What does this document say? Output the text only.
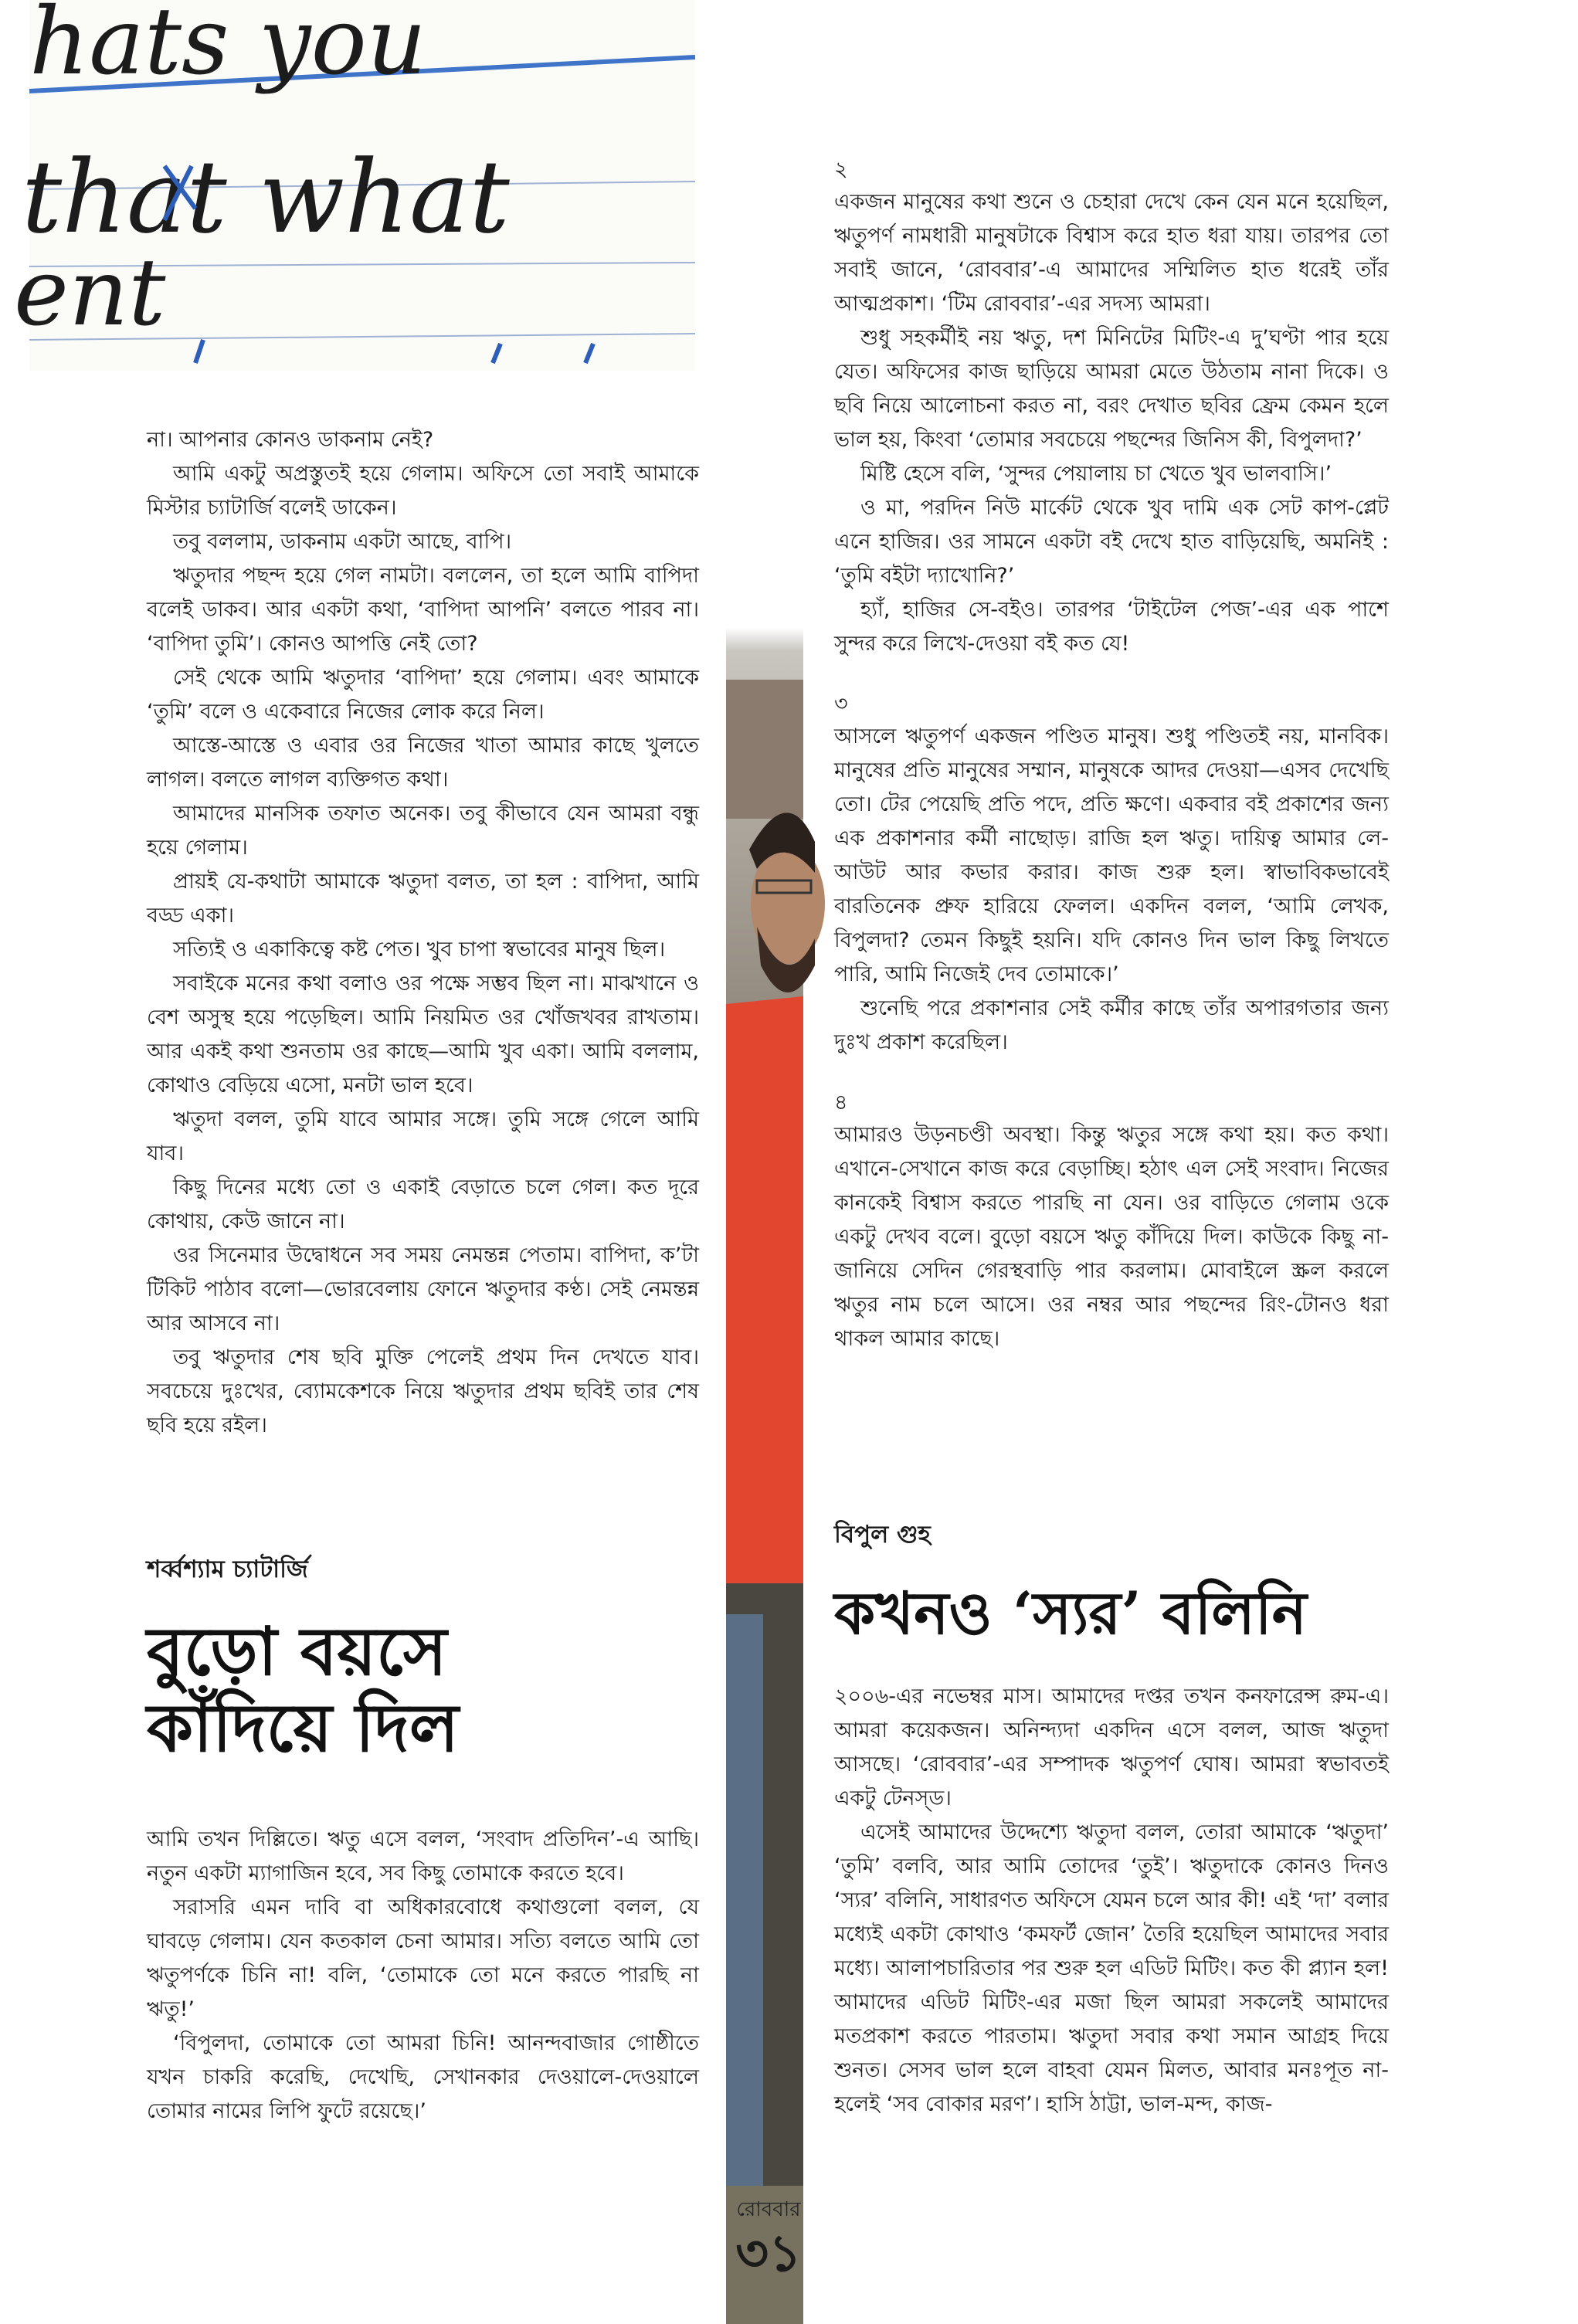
hats you
that what
ent

না। আপনার কোনও ডাকনাম নেই?

আমি একটু অপ্রস্তুতই হয়ে গেলাম। অফিসে তো সবাই আমাকে মিস্টার চ্যাটার্জি বলেই ডাকেন।

তবু বললাম, ডাকনাম একটা আছে, বাপি।

ঋতুদার পছন্দ হয়ে গেল নামটা। বললেন, তা হলে আমি বাপিদা বলেই ডাকব। আর একটা কথা, ‘বাপিদা আপনি’ বলতে পারব না। ‘বাপিদা তুমি’। কোনও আপত্তি নেই তো?

সেই থেকে আমি ঋতুদার ‘বাপিদা’ হয়ে গেলাম। এবং আমাকে ‘তুমি’ বলে ও একেবারে নিজের লোক করে নিল।

আস্তে-আস্তে ও এবার ওর নিজের খাতা আমার কাছে খুলতে লাগল। বলতে লাগল ব্যক্তিগত কথা।

আমাদের মানসিক তফাত অনেক। তবু কীভাবে যেন আমরা বন্ধু হয়ে গেলাম।

প্রায়ই যে-কথাটা আমাকে ঋতুদা বলত, তা হল : বাপিদা, আমি বড্ড একা।

সত্যিই ও একাকিত্বে কষ্ট পেত। খুব চাপা স্বভাবের মানুষ ছিল।

সবাইকে মনের কথা বলাও ওর পক্ষে সম্ভব ছিল না। মাঝখানে ও বেশ অসুস্থ হয়ে পড়েছিল। আমি নিয়মিত ওর খোঁজখবর রাখতাম। আর একই কথা শুনতাম ওর কাছে—আমি খুব একা। আমি বললাম, কোথাও বেড়িয়ে এসো, মনটা ভাল হবে।

ঋতুদা বলল, তুমি যাবে আমার সঙ্গে। তুমি সঙ্গে গেলে আমি যাব।

কিছু দিনের মধ্যে তো ও একাই বেড়াতে চলে গেল। কত দূরে কোথায়, কেউ জানে না।

ওর সিনেমার উদ্বোধনে সব সময় নেমন্তন্ন পেতাম। বাপিদা, ক’টা টিকিট পাঠাব বলো—ভোরবেলায় ফোনে ঋতুদার কণ্ঠ। সেই নেমন্তন্ন আর আসবে না।

তবু ঋতুদার শেষ ছবি মুক্তি পেলেই প্রথম দিন দেখতে যাব। সবচেয়ে দুঃখের, ব্যোমকেশকে নিয়ে ঋতুদার প্রথম ছবিই তার শেষ ছবি হয়ে রইল।

শর্ব্বশ্যাম চ্যাটার্জি
বুড়ো বয়সে
কাঁদিয়ে দিল

আমি তখন দিল্লিতে। ঋতু এসে বলল, ‘সংবাদ প্রতিদিন’-এ আছি। নতুন একটা ম্যাগাজিন হবে, সব কিছু তোমাকে করতে হবে।

সরাসরি এমন দাবি বা অধিকারবোধে কথাগুলো বলল, যে ঘাবড়ে গেলাম। যেন কতকাল চেনা আমার। সত্যি বলতে আমি তো ঋতুপর্ণকে চিনি না! বলি, ‘তোমাকে তো মনে করতে পারছি না ঋতু!’

‘বিপুলদা, তোমাকে তো আমরা চিনি! আনন্দবাজার গোষ্ঠীতে যখন চাকরি করেছি, দেখেছি, সেখানকার দেওয়ালে-দেওয়ালে তোমার নামের লিপি ফুটে রয়েছে।’

২

একজন মানুষের কথা শুনে ও চেহারা দেখে কেন যেন মনে হয়েছিল, ঋতুপর্ণ নামধারী মানুষটাকে বিশ্বাস করে হাত ধরা যায়। তারপর তো সবাই জানে, ‘রোববার’-এ আমাদের সম্মিলিত হাত ধরেই তাঁর আত্মপ্রকাশ। ‘টিম রোববার’-এর সদস্য আমরা।

শুধু সহকর্মীই নয় ঋতু, দশ মিনিটের মিটিং-এ দু’ঘণ্টা পার হয়ে যেত। অফিসের কাজ ছাড়িয়ে আমরা মেতে উঠতাম নানা দিকে। ও ছবি নিয়ে আলোচনা করত না, বরং দেখাত ছবির ফ্রেম কেমন হলে ভাল হয়, কিংবা ‘তোমার সবচেয়ে পছন্দের জিনিস কী, বিপুলদা?’

মিষ্টি হেসে বলি, ‘সুন্দর পেয়ালায় চা খেতে খুব ভালবাসি।’

ও মা, পরদিন নিউ মার্কেট থেকে খুব দামি এক সেট কাপ-প্লেট এনে হাজির। ওর সামনে একটা বই দেখে হাত বাড়িয়েছি, অমনিই : ‘তুমি বইটা দ্যাখোনি?’

হ্যাঁ, হাজির সে-বইও। তারপর ‘টাইটেল পেজ’-এর এক পাশে সুন্দর করে লিখে-দেওয়া বই কত যে!

৩

আসলে ঋতুপর্ণ একজন পণ্ডিত মানুষ। শুধু পণ্ডিতই নয়, মানবিক। মানুষের প্রতি মানুষের সম্মান, মানুষকে আদর দেওয়া—এসব দেখেছি তো। টের পেয়েছি প্রতি পদে, প্রতি ক্ষণে। একবার বই প্রকাশের জন্য এক প্রকাশনার কর্মী নাছোড়। রাজি হল ঋতু। দায়িত্ব আমার লে-আউট আর কভার করার। কাজ শুরু হল। স্বাভাবিকভাবেই বারতিনেক প্রুফ হারিয়ে ফেলল। একদিন বলল, ‘আমি লেখক, বিপুলদা? তেমন কিছুই হয়নি। যদি কোনও দিন ভাল কিছু লিখতে পারি, আমি নিজেই দেব তোমাকে।’

শুনেছি পরে প্রকাশনার সেই কর্মীর কাছে তাঁর অপারগতার জন্য দুঃখ প্রকাশ করেছিল।

৪

আমারও উড়নচণ্ডী অবস্থা। কিন্তু ঋতুর সঙ্গে কথা হয়। কত কথা। এখানে-সেখানে কাজ করে বেড়াচ্ছি। হঠাৎ এল সেই সংবাদ। নিজের কানকেই বিশ্বাস করতে পারছি না যেন। ওর বাড়িতে গেলাম ওকে একটু দেখব বলে। বুড়ো বয়সে ঋতু কাঁদিয়ে দিল। কাউকে কিছু না-জানিয়ে সেদিন গেরস্থবাড়ি পার করলাম। মোবাইলে স্ক্রল করলে ঋতুর নাম চলে আসে। ওর নম্বর আর পছন্দের রিং-টোনও ধরা থাকল আমার কাছে।

বিপুল গুহ
কখনও ‘স্যর’ বলিনি

২০০৬-এর নভেম্বর মাস। আমাদের দপ্তর তখন কনফারেন্স রুম-এ। আমরা কয়েকজন। অনিন্দ্যদা একদিন এসে বলল, আজ ঋতুদা আসছে। ‘রোববার’-এর সম্পাদক ঋতুপর্ণ ঘোষ। আমরা স্বভাবতই একটু টেনস্ড।

এসেই আমাদের উদ্দেশ্যে ঋতুদা বলল, তোরা আমাকে ‘ঋতুদা’ ‘তুমি’ বলবি, আর আমি তোদের ‘তুই’। ঋতুদাকে কোনও দিনও ‘স্যর’ বলিনি, সাধারণত অফিসে যেমন চলে আর কী! এই ‘দা’ বলার মধ্যেই একটা কোথাও ‘কমফর্ট জোন’ তৈরি হয়েছিল আমাদের সবার মধ্যে। আলাপচারিতার পর শুরু হল এডিট মিটিং। কত কী প্ল্যান হল! আমাদের এডিট মিটিং-এর মজা ছিল আমরা সকলেই আমাদের মতপ্রকাশ করতে পারতাম। ঋতুদা সবার কথা সমান আগ্রহ দিয়ে শুনত। সেসব ভাল হলে বাহবা যেমন মিলত, আবার মনঃপূত না-হলেই ‘সব বোকার মরণ’। হাসি ঠাট্টা, ভাল-মন্দ, কাজ-

রোববার
৩১
